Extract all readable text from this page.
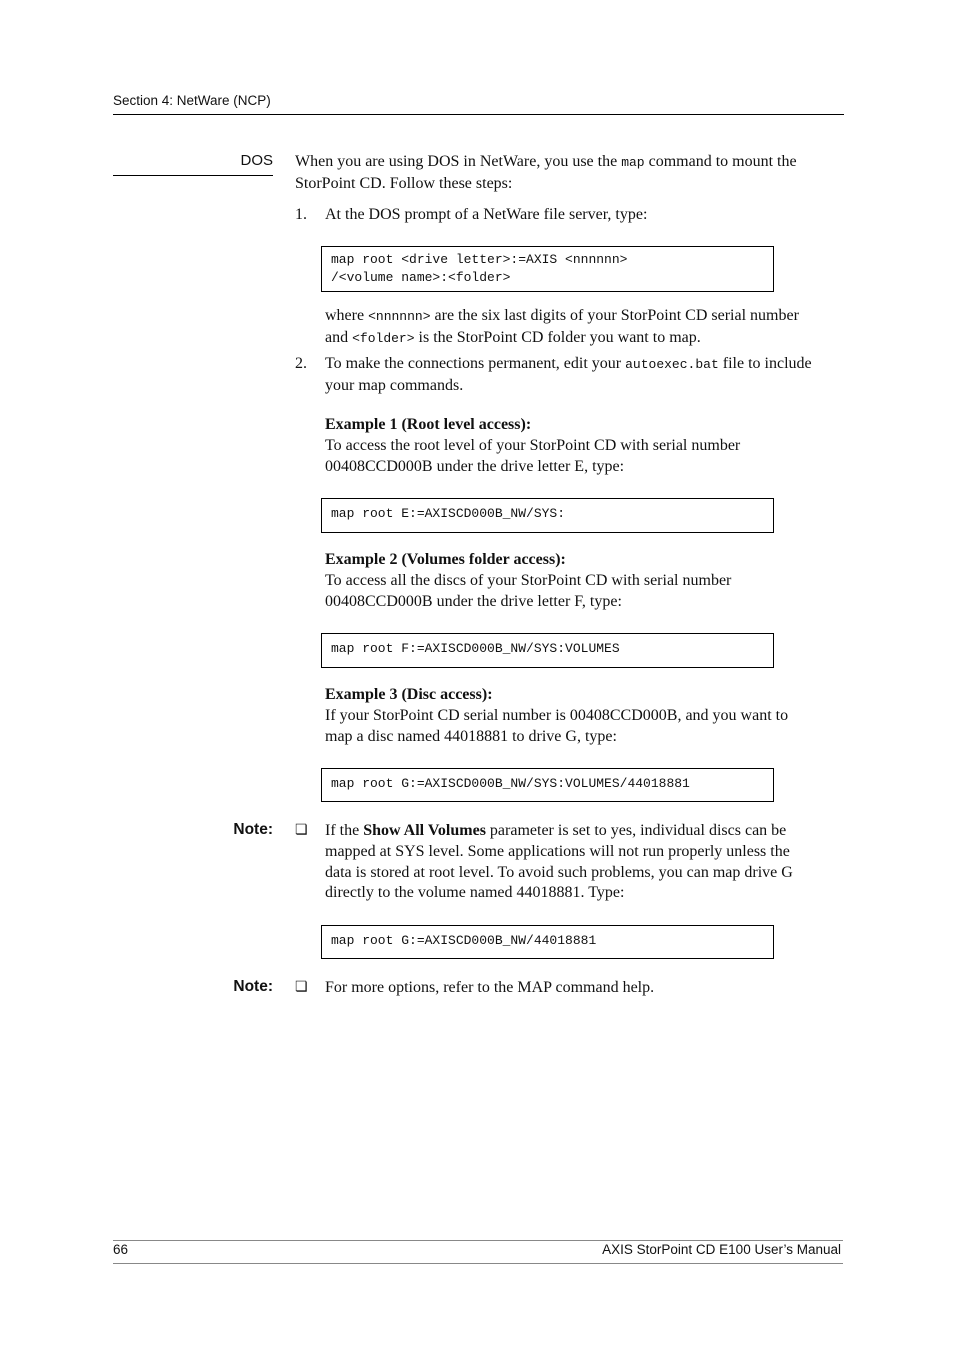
Section 4: NetWare (NCP)
DOS When you are using DOS in NetWare, you use the map command to mount the
StorPoint CD. Follow these steps:
1. At the DOS prompt of a NetWare file server, type:
map root <drive letter>:=AXIS <nnnnnn>
/<volume name>:<folder>
where <nnnnnn> are the six last digits of your StorPoint CD serial number
and <folder> is the StorPoint CD folder you want to map.
2. To make the connections permanent, edit your autoexec.bat file to include
your map commands.
Example 1 (Root level access):
To access the root level of your StorPoint CD with serial number
00408CCD000B under the drive letter E, type:
map root E:=AXISCD000B_NW/SYS:
Example 2 (Volumes folder access):
To access all the discs of your StorPoint CD with serial number
00408CCD000B under the drive letter F, type:
map root F:=AXISCD000B_NW/SYS:VOLUMES
Example 3 (Disc access):
If your StorPoint CD serial number is 00408CCD000B, and you want to
map a disc named 44018881 to drive G, type:
map root G:=AXISCD000B_NW/SYS:VOLUMES/44018881
Note: ❏ If the Show All Volumes parameter is set to yes, individual discs can be
mapped at SYS level. Some applications will not run properly unless the
data is stored at root level. To avoid such problems, you can map drive G
directly to the volume named 44018881. Type:
map root G:=AXISCD000B_NW/44018881
Note: ❏ For more options, refer to the MAP command help.
66	AXIS StorPoint CD E100 User’s Manual
